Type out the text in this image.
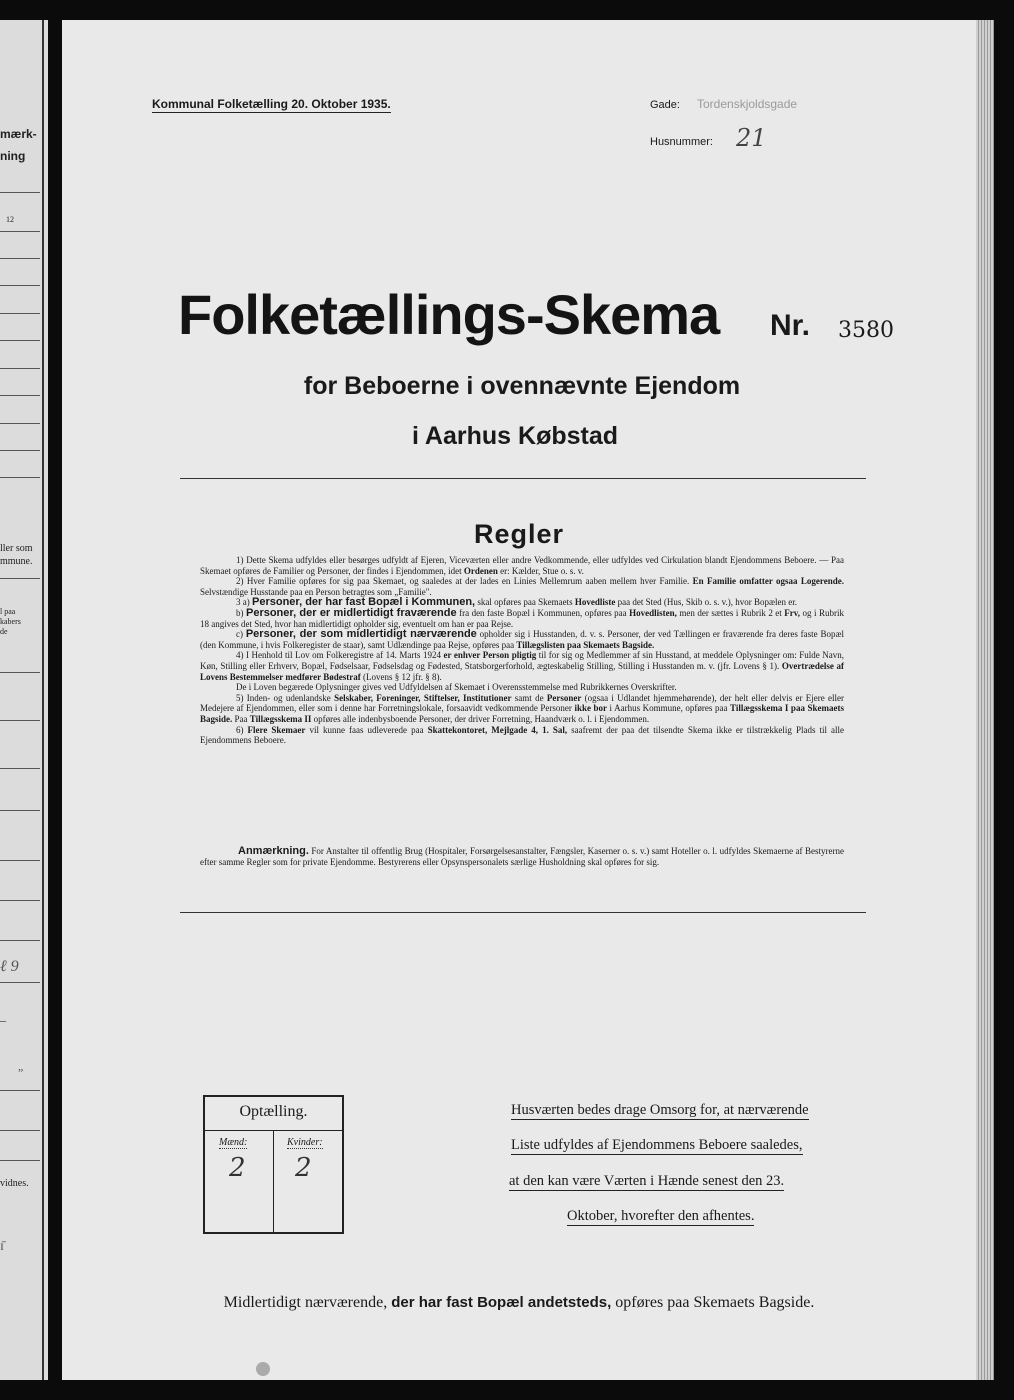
mærk-
ning
12
ller som
mmune.
l paa
kabers
de
ℓ 9
–
„
vidnes.
ɪ̄
Kommunal Folketælling 20. Oktober 1935.	Gade: Tordenskjoldsgade
Husnummer: 21
Folketællings-Skema Nr. 3580
for Beboerne i ovennævnte Ejendom
i Aarhus Købstad
Regler

1) Dette Skema udfyldes eller besørges udfyldt af Ejeren, Viceværten eller andre Vedkommende, eller udfyldes ved Cirkulation blandt Ejendommens Beboere. — Paa Skemaet opføres de Familier og Personer, der findes i Ejendommen, idet Ordenen er: Kælder, Stue o. s. v.

2) Hver Familie opføres for sig paa Skemaet, og saaledes at der lades en Linies Mellemrum aaben mellem hver Familie. En Familie omfatter ogsaa Logerende. Selvstændige Husstande paa en Person betragtes som „Familie".

3 a) Personer, der har fast Bopæl i Kommunen, skal opføres paa Skemaets Hovedliste paa det Sted (Hus, Skib o. s. v.), hvor Bopælen er.

b) Personer, der er midlertidigt fraværende fra den faste Bopæl i Kommunen, opføres paa Hovedlisten, men der sættes i Rubrik 2 et Frv, og i Rubrik 18 angives det Sted, hvor han midlertidigt opholder sig, eventuelt om han er paa Rejse.

c) Personer, der som midlertidigt nærværende opholder sig i Husstanden, d. v. s. Personer, der ved Tællingen er fraværende fra deres faste Bopæl (den Kommune, i hvis Folkeregister de staar), samt Udlændinge paa Rejse, opføres paa Tillægslisten paa Skemaets Bagside.

4) I Henhold til Lov om Folkeregistre af 14. Marts 1924 er enhver Person pligtig til for sig og Medlemmer af sin Husstand, at meddele Oplysninger om: Fulde Navn, Køn, Stilling eller Erhverv, Bopæl, Fødselsaar, Fødselsdag og Fødested, Statsborgerforhold, ægteskabelig Stilling, Stilling i Husstanden m. v. (jfr. Lovens § 1). Overtrædelse af Lovens Bestemmelser medfører Bødestraf (Lovens § 12 jfr. § 8).

De i Loven begærede Oplysninger gives ved Udfyldelsen af Skemaet i Overensstemmelse med Rubrikkernes Overskrifter.

5) Inden- og udenlandske Selskaber, Foreninger, Stiftelser, Institutioner samt de Personer (ogsaa i Udlandet hjemmehørende), der helt eller delvis er Ejere eller Medejere af Ejendommen, eller som i denne har Forretningslokale, forsaavidt vedkommende Personer ikke bor i Aarhus Kommune, opføres paa Tillægsskema I paa Skemaets Bagside. Paa Tillægsskema II opføres alle indenbysboende Personer, der driver Forretning, Haandværk o. l. i Ejendommen.

6) Flere Skemaer vil kunne faas udleverede paa Skattekontoret, Mejlgade 4, 1. Sal, saafremt der paa det tilsendte Skema ikke er tilstrækkelig Plads til alle Ejendommens Beboere.

Anmærkning. For Anstalter til offentlig Brug (Hospitaler, Forsørgelsesanstalter, Fængsler, Kaserner o. s. v.) samt Hoteller o. l. udfyldes Skemaerne af Bestyrerne efter samme Regler som for private Ejendomme. Bestyrerens eller Opsynspersonalets særlige Husholdning skal opføres for sig.

Optælling.
Mænd:
2
Kvinder:
2
Husværten bedes drage Omsorg for, at nærværende
Liste udfyldes af Ejendommens Beboere saaledes,
at den kan være Værten i Hænde senest den 23.
Oktober, hvorefter den afhentes.
Midlertidigt nærværende, der har fast Bopæl andetsteds, opføres paa Skemaets Bagside.
